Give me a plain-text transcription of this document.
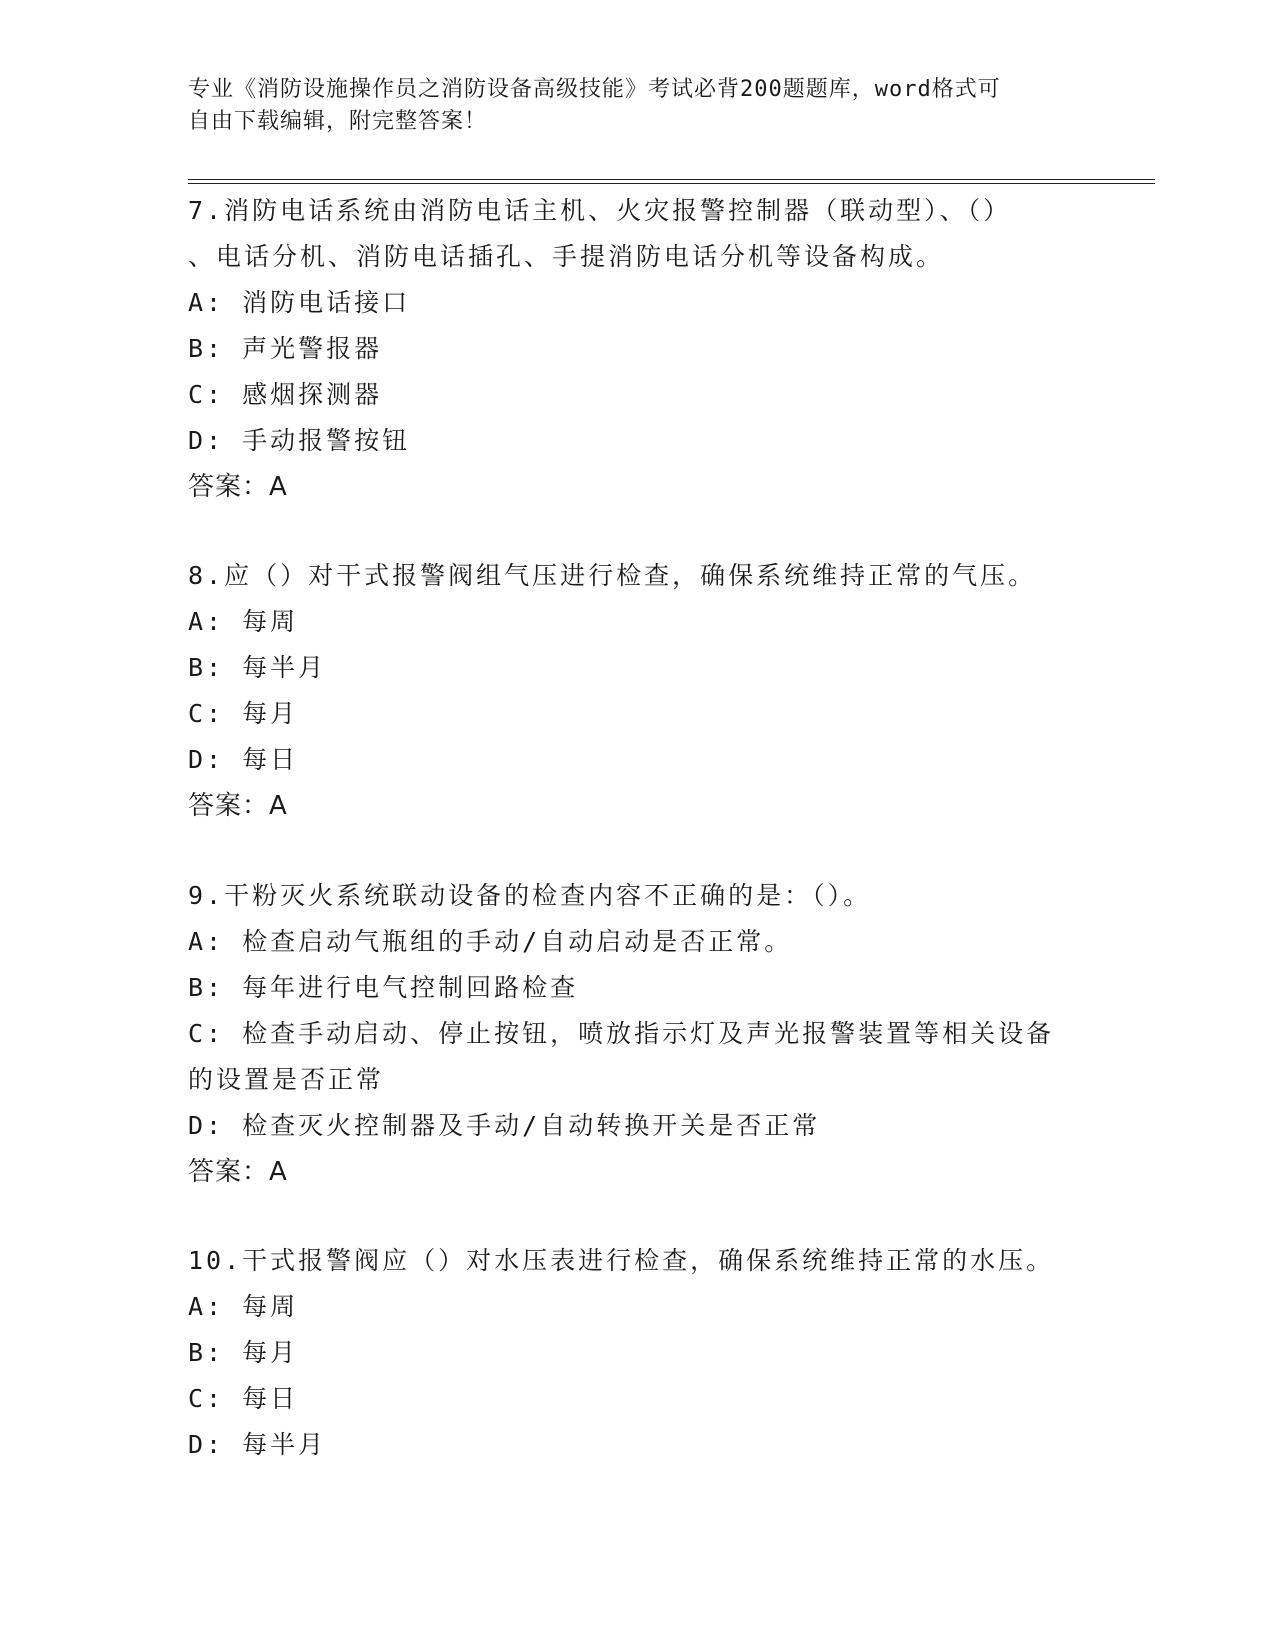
专业《消防设施操作员之消防设备高级技能》考试必背200题题库，word格式可
自由下载编辑，附完整答案！
7.消防电话系统由消防电话主机、火灾报警控制器（联动型）、（）
、电话分机、消防电话插孔、手提消防电话分机等设备构成。
A: 消防电话接口
B: 声光警报器
C: 感烟探测器
D: 手动报警按钮
答案：A
8.应（）对干式报警阀组气压进行检查，确保系统维持正常的气压。
A: 每周
B: 每半月
C: 每月
D: 每日
答案：A
9.干粉灭火系统联动设备的检查内容不正确的是：（）。
A: 检查启动气瓶组的手动/自动启动是否正常。
B: 每年进行电气控制回路检查
C: 检查手动启动、停止按钮，喷放指示灯及声光报警装置等相关设备
的设置是否正常
D: 检查灭火控制器及手动/自动转换开关是否正常
答案：A
10.干式报警阀应（）对水压表进行检查，确保系统维持正常的水压。
A: 每周
B: 每月
C: 每日
D: 每半月
